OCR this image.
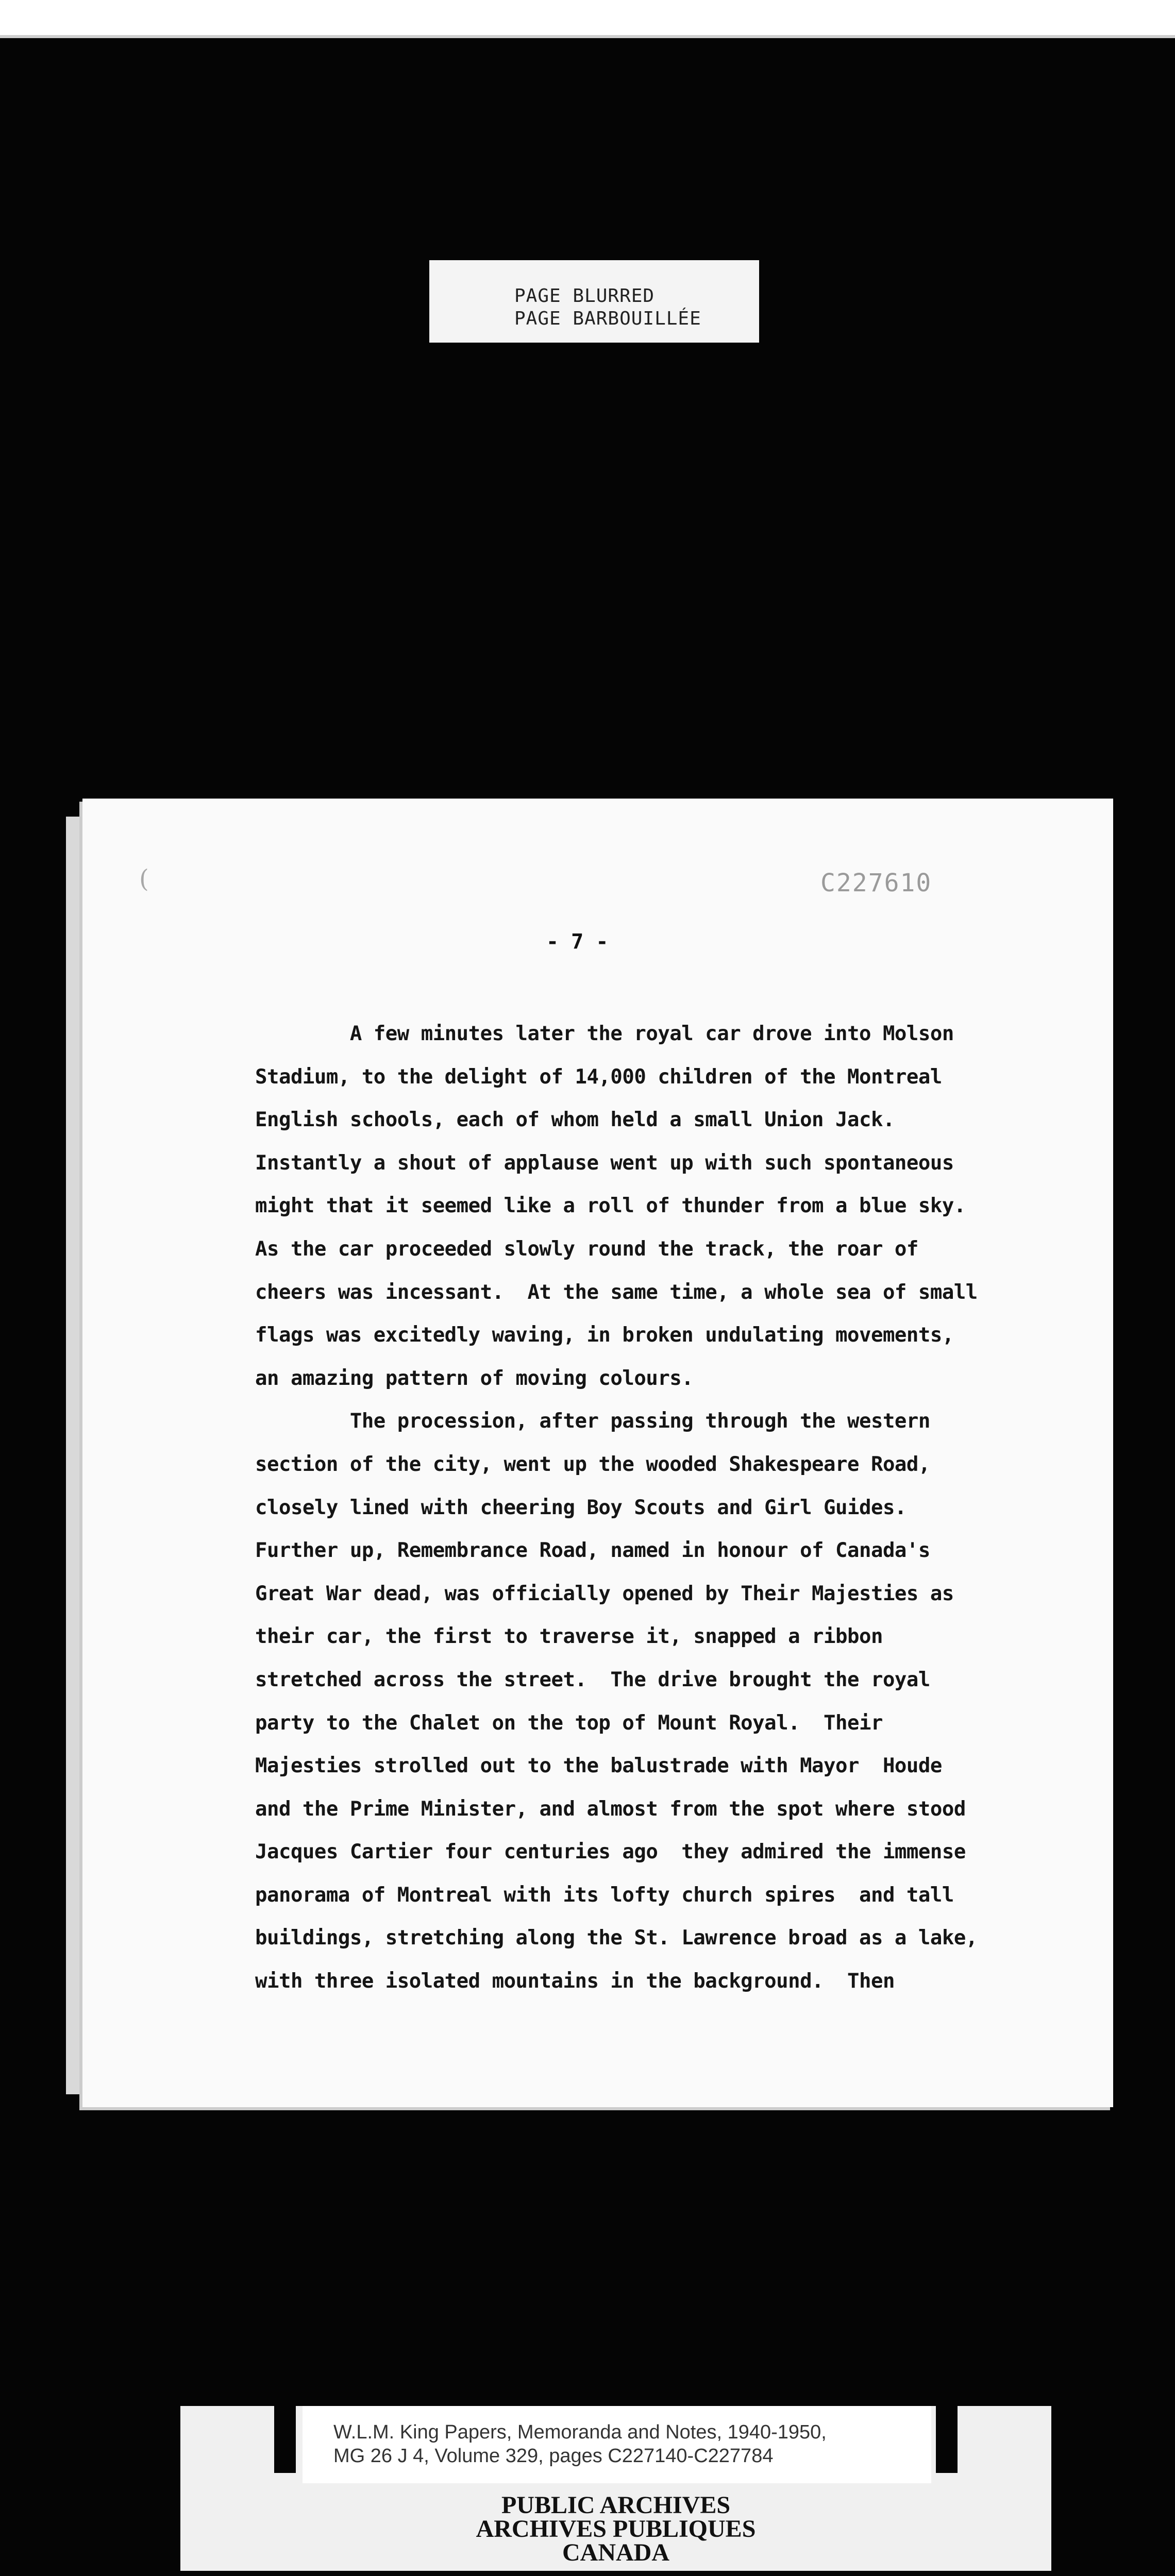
PAGE BLURRED
PAGE BARBOUILLÉE
(	C227610
- 7 -
A few minutes later the royal car drove into Molson
Stadium, to the delight of 14,000 children of the Montreal
English schools, each of whom held a small Union Jack.
Instantly a shout of applause went up with such spontaneous
might that it seemed like a roll of thunder from a blue sky.
As the car proceeded slowly round the track, the roar of
cheers was incessant.  At the same time, a whole sea of small
flags was excitedly waving, in broken undulating movements,
an amazing pattern of moving colours.
The procession, after passing through the western
section of the city, went up the wooded Shakespeare Road,
closely lined with cheering Boy Scouts and Girl Guides.
Further up, Remembrance Road, named in honour of Canada's
Great War dead, was officially opened by Their Majesties as
their car, the first to traverse it, snapped a ribbon
stretched across the street.  The drive brought the royal
party to the Chalet on the top of Mount Royal.  Their
Majesties strolled out to the balustrade with Mayor  Houde
and the Prime Minister, and almost from the spot where stood
Jacques Cartier four centuries ago  they admired the immense
panorama of Montreal with its lofty church spires  and tall
buildings, stretching along the St. Lawrence broad as a lake,
with three isolated mountains in the background.  Then
W.L.M. King Papers, Memoranda and Notes, 1940-1950,
MG 26 J 4, Volume 329, pages C227140-C227784
PUBLIC ARCHIVES
ARCHIVES PUBLIQUES
CANADA
